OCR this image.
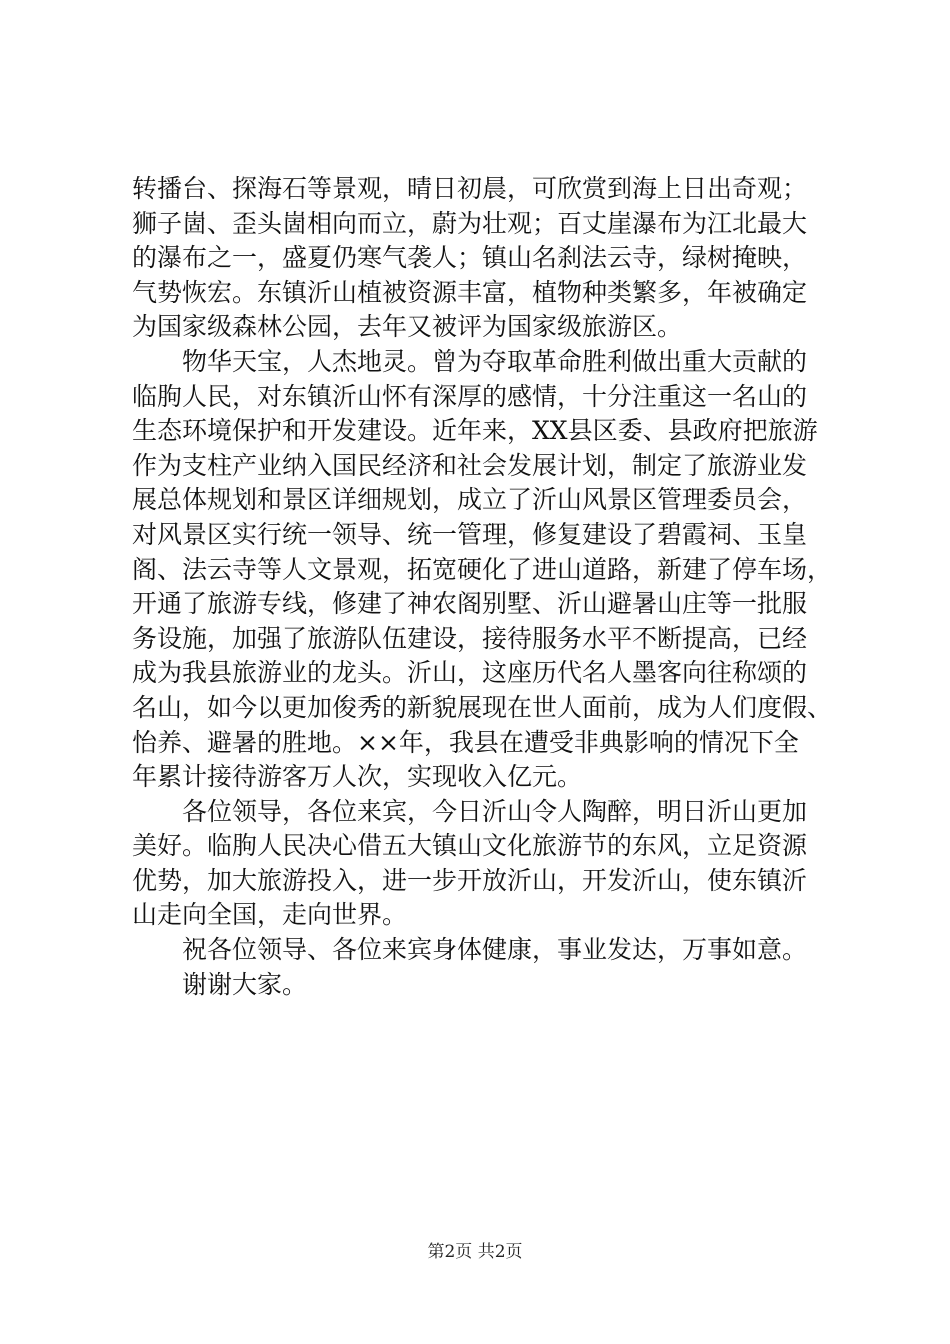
转播台、探海石等景观，晴日初晨，可欣赏到海上日出奇观；
狮子崮、歪头崮相向而立，蔚为壮观；百丈崖瀑布为江北最大
的瀑布之一，盛夏仍寒气袭人；镇山名刹法云寺，绿树掩映，
气势恢宏。东镇沂山植被资源丰富，植物种类繁多，年被确定
为国家级森林公园，去年又被评为国家级旅游区。
物华天宝，人杰地灵。曾为夺取革命胜利做出重大贡献的
临朐人民，对东镇沂山怀有深厚的感情，十分注重这一名山的
生态环境保护和开发建设。近年来，XX县区委、县政府把旅游
作为支柱产业纳入国民经济和社会发展计划，制定了旅游业发
展总体规划和景区详细规划，成立了沂山风景区管理委员会，
对风景区实行统一领导、统一管理，修复建设了碧霞祠、玉皇
阁、法云寺等人文景观，拓宽硬化了进山道路，新建了停车场，
开通了旅游专线，修建了神农阁别墅、沂山避暑山庄等一批服
务设施，加强了旅游队伍建设，接待服务水平不断提高，已经
成为我县旅游业的龙头。沂山，这座历代名人墨客向往称颂的
名山，如今以更加俊秀的新貌展现在世人面前，成为人们度假、
怡养、避暑的胜地。××年，我县在遭受非典影响的情况下全
年累计接待游客万人次，实现收入亿元。
各位领导，各位来宾，今日沂山令人陶醉，明日沂山更加
美好。临朐人民决心借五大镇山文化旅游节的东风，立足资源
优势，加大旅游投入，进一步开放沂山，开发沂山，使东镇沂
山走向全国，走向世界。
祝各位领导、各位来宾身体健康，事业发达，万事如意。
谢谢大家。
第2页 共2页
